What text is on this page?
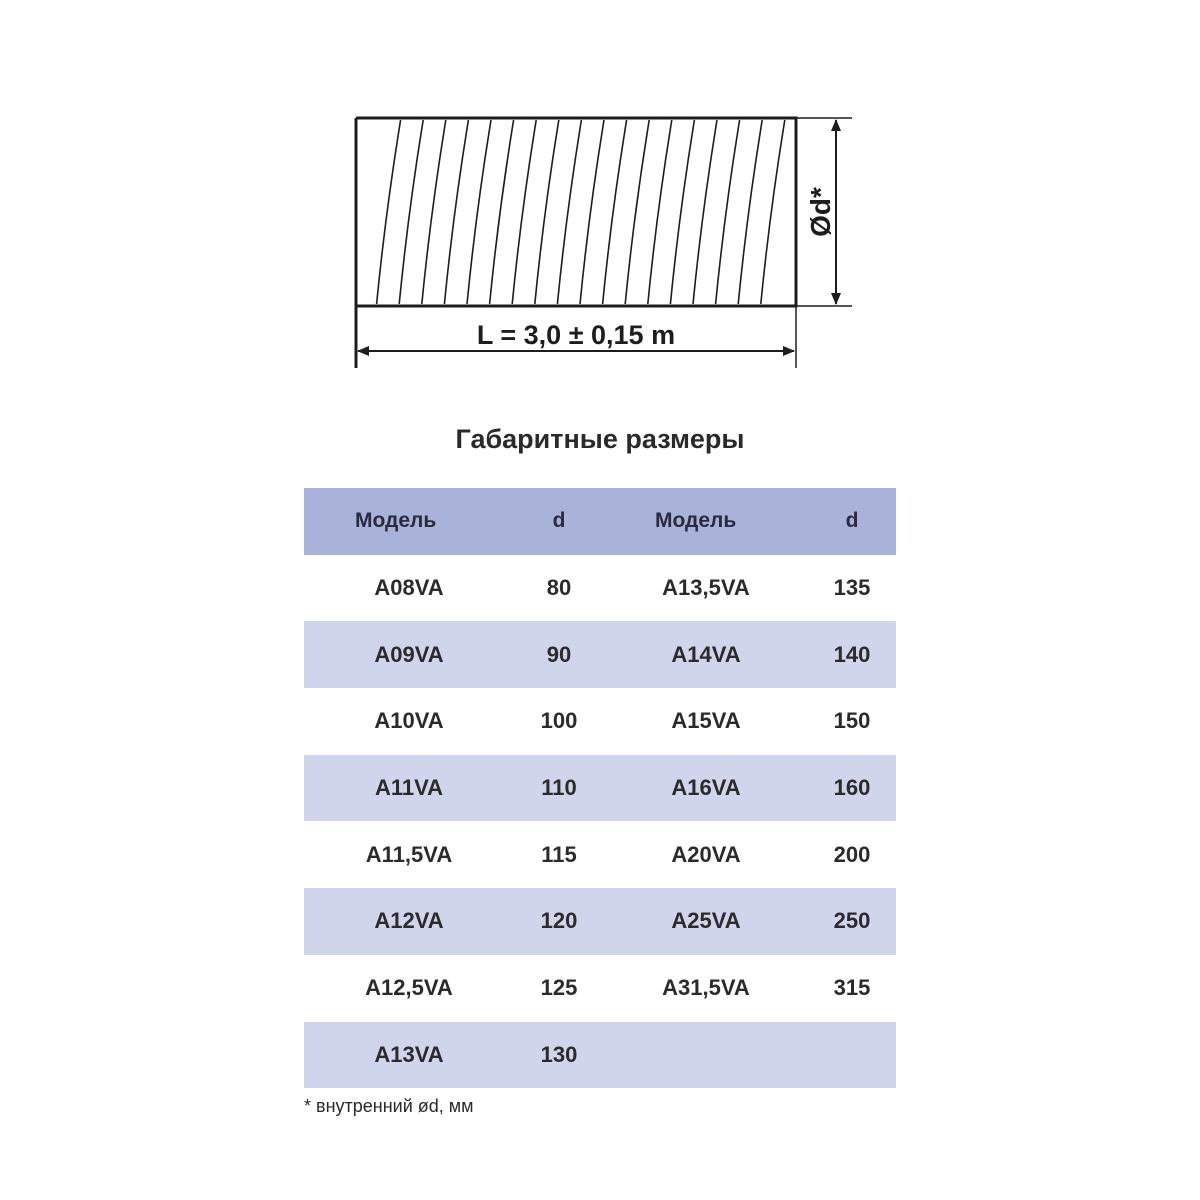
Ød*
L = 3,0 ± 0,15 m
Габаритные размеры
Модель	d	Модель	d
A08VA	80	A13,5VA	135
A09VA	90	A14VA	140
A10VA	100	A15VA	150
A11VA	110	A16VA	160
A11,5VA	115	A20VA	200
A12VA	120	A25VA	250
A12,5VA	125	A31,5VA	315
A13VA	130		
* внутренний ød, мм
